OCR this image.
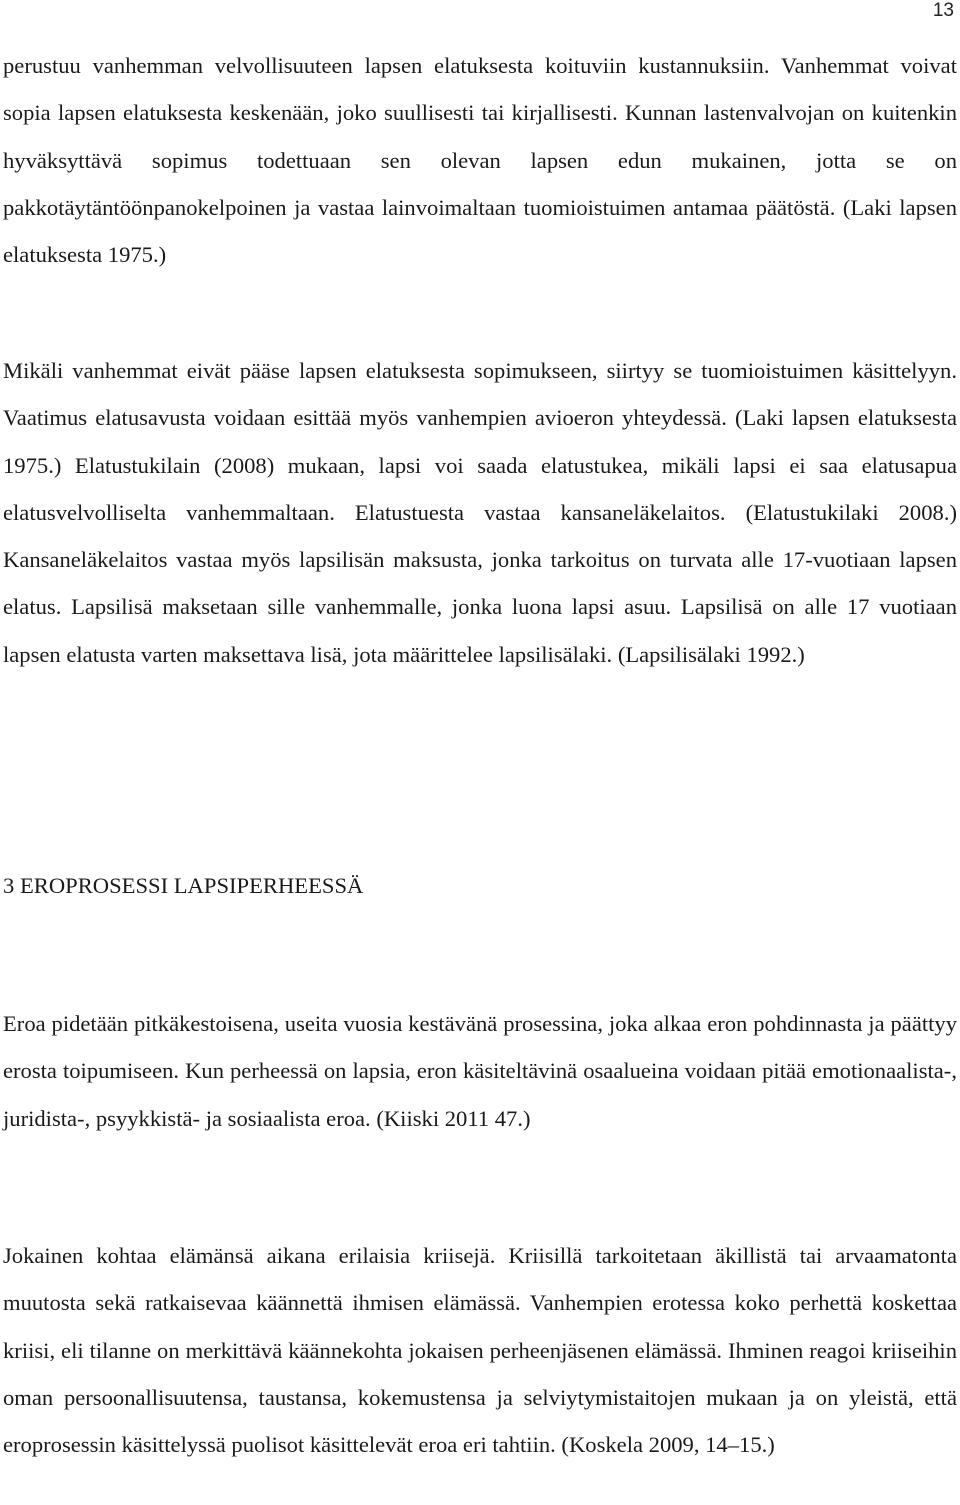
13

perustuu vanhemman velvollisuuteen lapsen elatuksesta koituviin kustannuksiin. Vanhemmat voivat sopia lapsen elatuksesta keskenään, joko suullisesti tai kirjallisesti. Kunnan lastenvalvojan on kuitenkin hyväksyttävä sopimus todettuaan sen olevan lapsen edun mukainen, jotta se on pakkotäytäntöönpanokelpoinen ja vastaa lainvoimaltaan tuomioistuimen antamaa päätöstä. (Laki lapsen elatuksesta 1975.)

Mikäli vanhemmat eivät pääse lapsen elatuksesta sopimukseen, siirtyy se tuomioistuimen käsittelyyn. Vaatimus elatusavusta voidaan esittää myös vanhempien avioeron yhteydessä. (Laki lapsen elatuksesta 1975.) Elatustukilain (2008) mukaan, lapsi voi saada elatustukea, mikäli lapsi ei saa elatusapua elatusvelvolliselta vanhemmaltaan. Elatustuesta vastaa kansaneläkelaitos. (Elatustukilaki 2008.) Kansaneläkelaitos vastaa myös lapsilisän maksusta, jonka tarkoitus on turvata alle 17-vuotiaan lapsen elatus. Lapsilisä maksetaan sille vanhemmalle, jonka luona lapsi asuu. Lapsilisä on alle 17 vuotiaan lapsen elatusta varten maksettava lisä, jota määrittelee lapsilisälaki. (Lapsilisälaki 1992.)

3 EROPROSESSI LAPSIPERHEESSÄ

Eroa pidetään pitkäkestoisena, useita vuosia kestävänä prosessina, joka alkaa eron pohdinnasta ja päättyy erosta toipumiseen. Kun perheessä on lapsia, eron käsiteltävinä osaalueina voidaan pitää emotionaalista-, juridista-, psyykkistä- ja sosiaalista eroa. (Kiiski 2011 47.)

Jokainen kohtaa elämänsä aikana erilaisia kriisejä. Kriisillä tarkoitetaan äkillistä tai arvaamatonta muutosta sekä ratkaisevaa käännettä ihmisen elämässä. Vanhempien erotessa koko perhettä koskettaa kriisi, eli tilanne on merkittävä käännekohta jokaisen perheenjäsenen elämässä. Ihminen reagoi kriiseihin oman persoonallisuutensa, taustansa, kokemustensa ja selviytymistaitojen mukaan ja on yleistä, että eroprosessin käsittelyssä puolisot käsittelevät eroa eri tahtiin. (Koskela 2009, 14–15.)
